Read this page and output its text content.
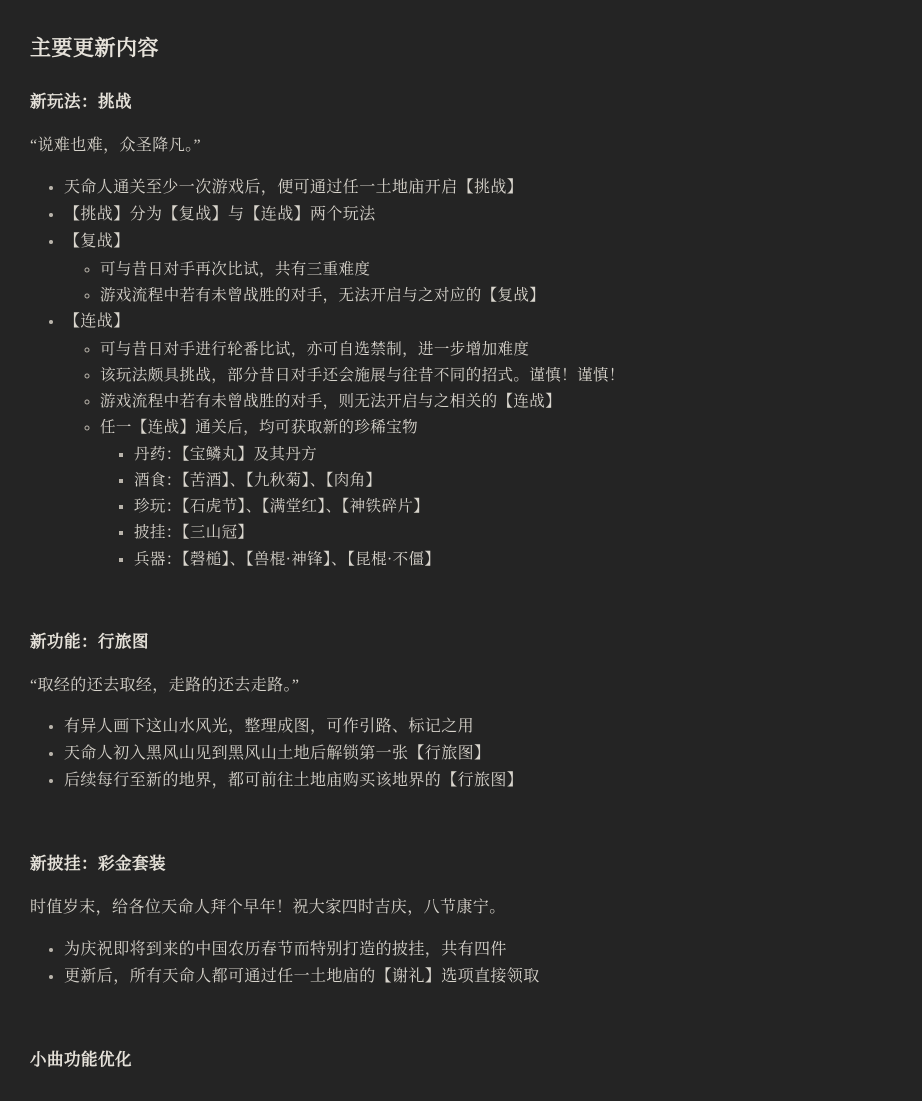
主要更新内容
新玩法：挑战

“说难也难，众圣降凡。”

• 天命人通关至少一次游戏后，便可通过任一土地庙开启【挑战】
• 【挑战】分为【复战】与【连战】两个玩法
• 【复战】
◦ 可与昔日对手再次比试，共有三重难度
◦ 游戏流程中若有未曾战胜的对手，无法开启与之对应的【复战】
• 【连战】
◦ 可与昔日对手进行轮番比试，亦可自选禁制，进一步增加难度
◦ 该玩法颇具挑战，部分昔日对手还会施展与往昔不同的招式。谨慎！谨慎！
◦ 游戏流程中若有未曾战胜的对手，则无法开启与之相关的【连战】
◦ 任一【连战】通关后，均可获取新的珍稀宝物
▪ 丹药：【宝鳞丸】及其丹方
▪ 酒食：【苦酒】、【九秋菊】、【肉角】
▪ 珍玩：【石虎节】、【满堂红】、【神铁碎片】
▪ 披挂：【三山冠】
▪ 兵器：【磬槌】、【兽棍·神锋】、【昆棍·不僵】
新功能：行旅图

“取经的还去取经，走路的还去走路。”

• 有异人画下这山水风光，整理成图，可作引路、标记之用
• 天命人初入黑风山见到黑风山土地后解锁第一张【行旅图】
• 后续每行至新的地界，都可前往土地庙购买该地界的【行旅图】
新披挂：彩金套装

时值岁末，给各位天命人拜个早年！祝大家四时吉庆，八节康宁。

• 为庆祝即将到来的中国农历春节而特别打造的披挂，共有四件
• 更新后，所有天命人都可通过任一土地庙的【谢礼】选项直接领取
小曲功能优化
